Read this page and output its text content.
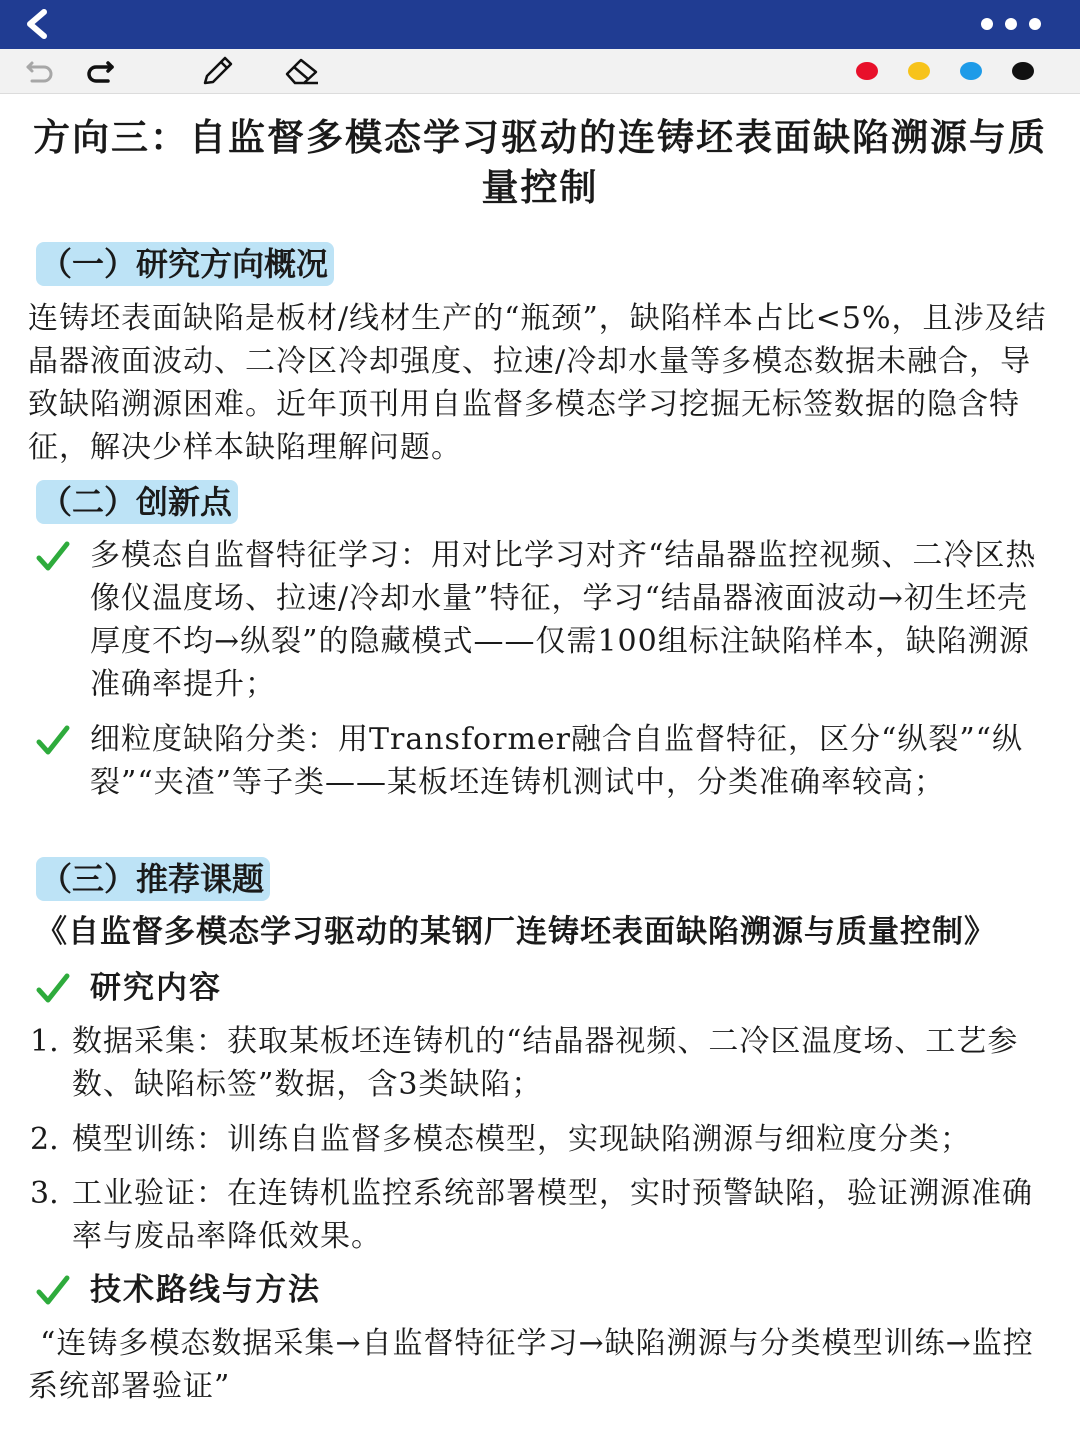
方向三：自监督多模态学习驱动的连铸坯表面缺陷溯源与质量控制
（一）研究方向概况
连铸坯表面缺陷是板材/线材生产的“瓶颈”，缺陷样本占比<5%，且涉及结晶器液面波动、二冷区冷却强度、拉速/冷却水量等多模态数据未融合，导致缺陷溯源困难。近年顶刊用自监督多模态学习挖掘无标签数据的隐含特征，解决少样本缺陷理解问题。
（二）创新点
多模态自监督特征学习：用对比学习对齐“结晶器监控视频、二冷区热像仪温度场、拉速/冷却水量”特征，学习“结晶器液面波动→初生坯壳厚度不均→纵裂”的隐藏模式——仅需100组标注缺陷样本，缺陷溯源准确率提升；
细粒度缺陷分类：用Transformer融合自监督特征，区分“纵裂”“纵裂”“夹渣”等子类——某板坯连铸机测试中，分类准确率较高；
（三）推荐课题
《自监督多模态学习驱动的某钢厂连铸坯表面缺陷溯源与质量控制》
研究内容
1. 数据采集：获取某板坯连铸机的“结晶器视频、二冷区温度场、工艺参数、缺陷标签”数据，含3类缺陷；
2. 模型训练：训练自监督多模态模型，实现缺陷溯源与细粒度分类；
3. 工业验证：在连铸机监控系统部署模型，实时预警缺陷，验证溯源准确率与废品率降低效果。
技术路线与方法
“连铸多模态数据采集→自监督特征学习→缺陷溯源与分类模型训练→监控系统部署验证”
